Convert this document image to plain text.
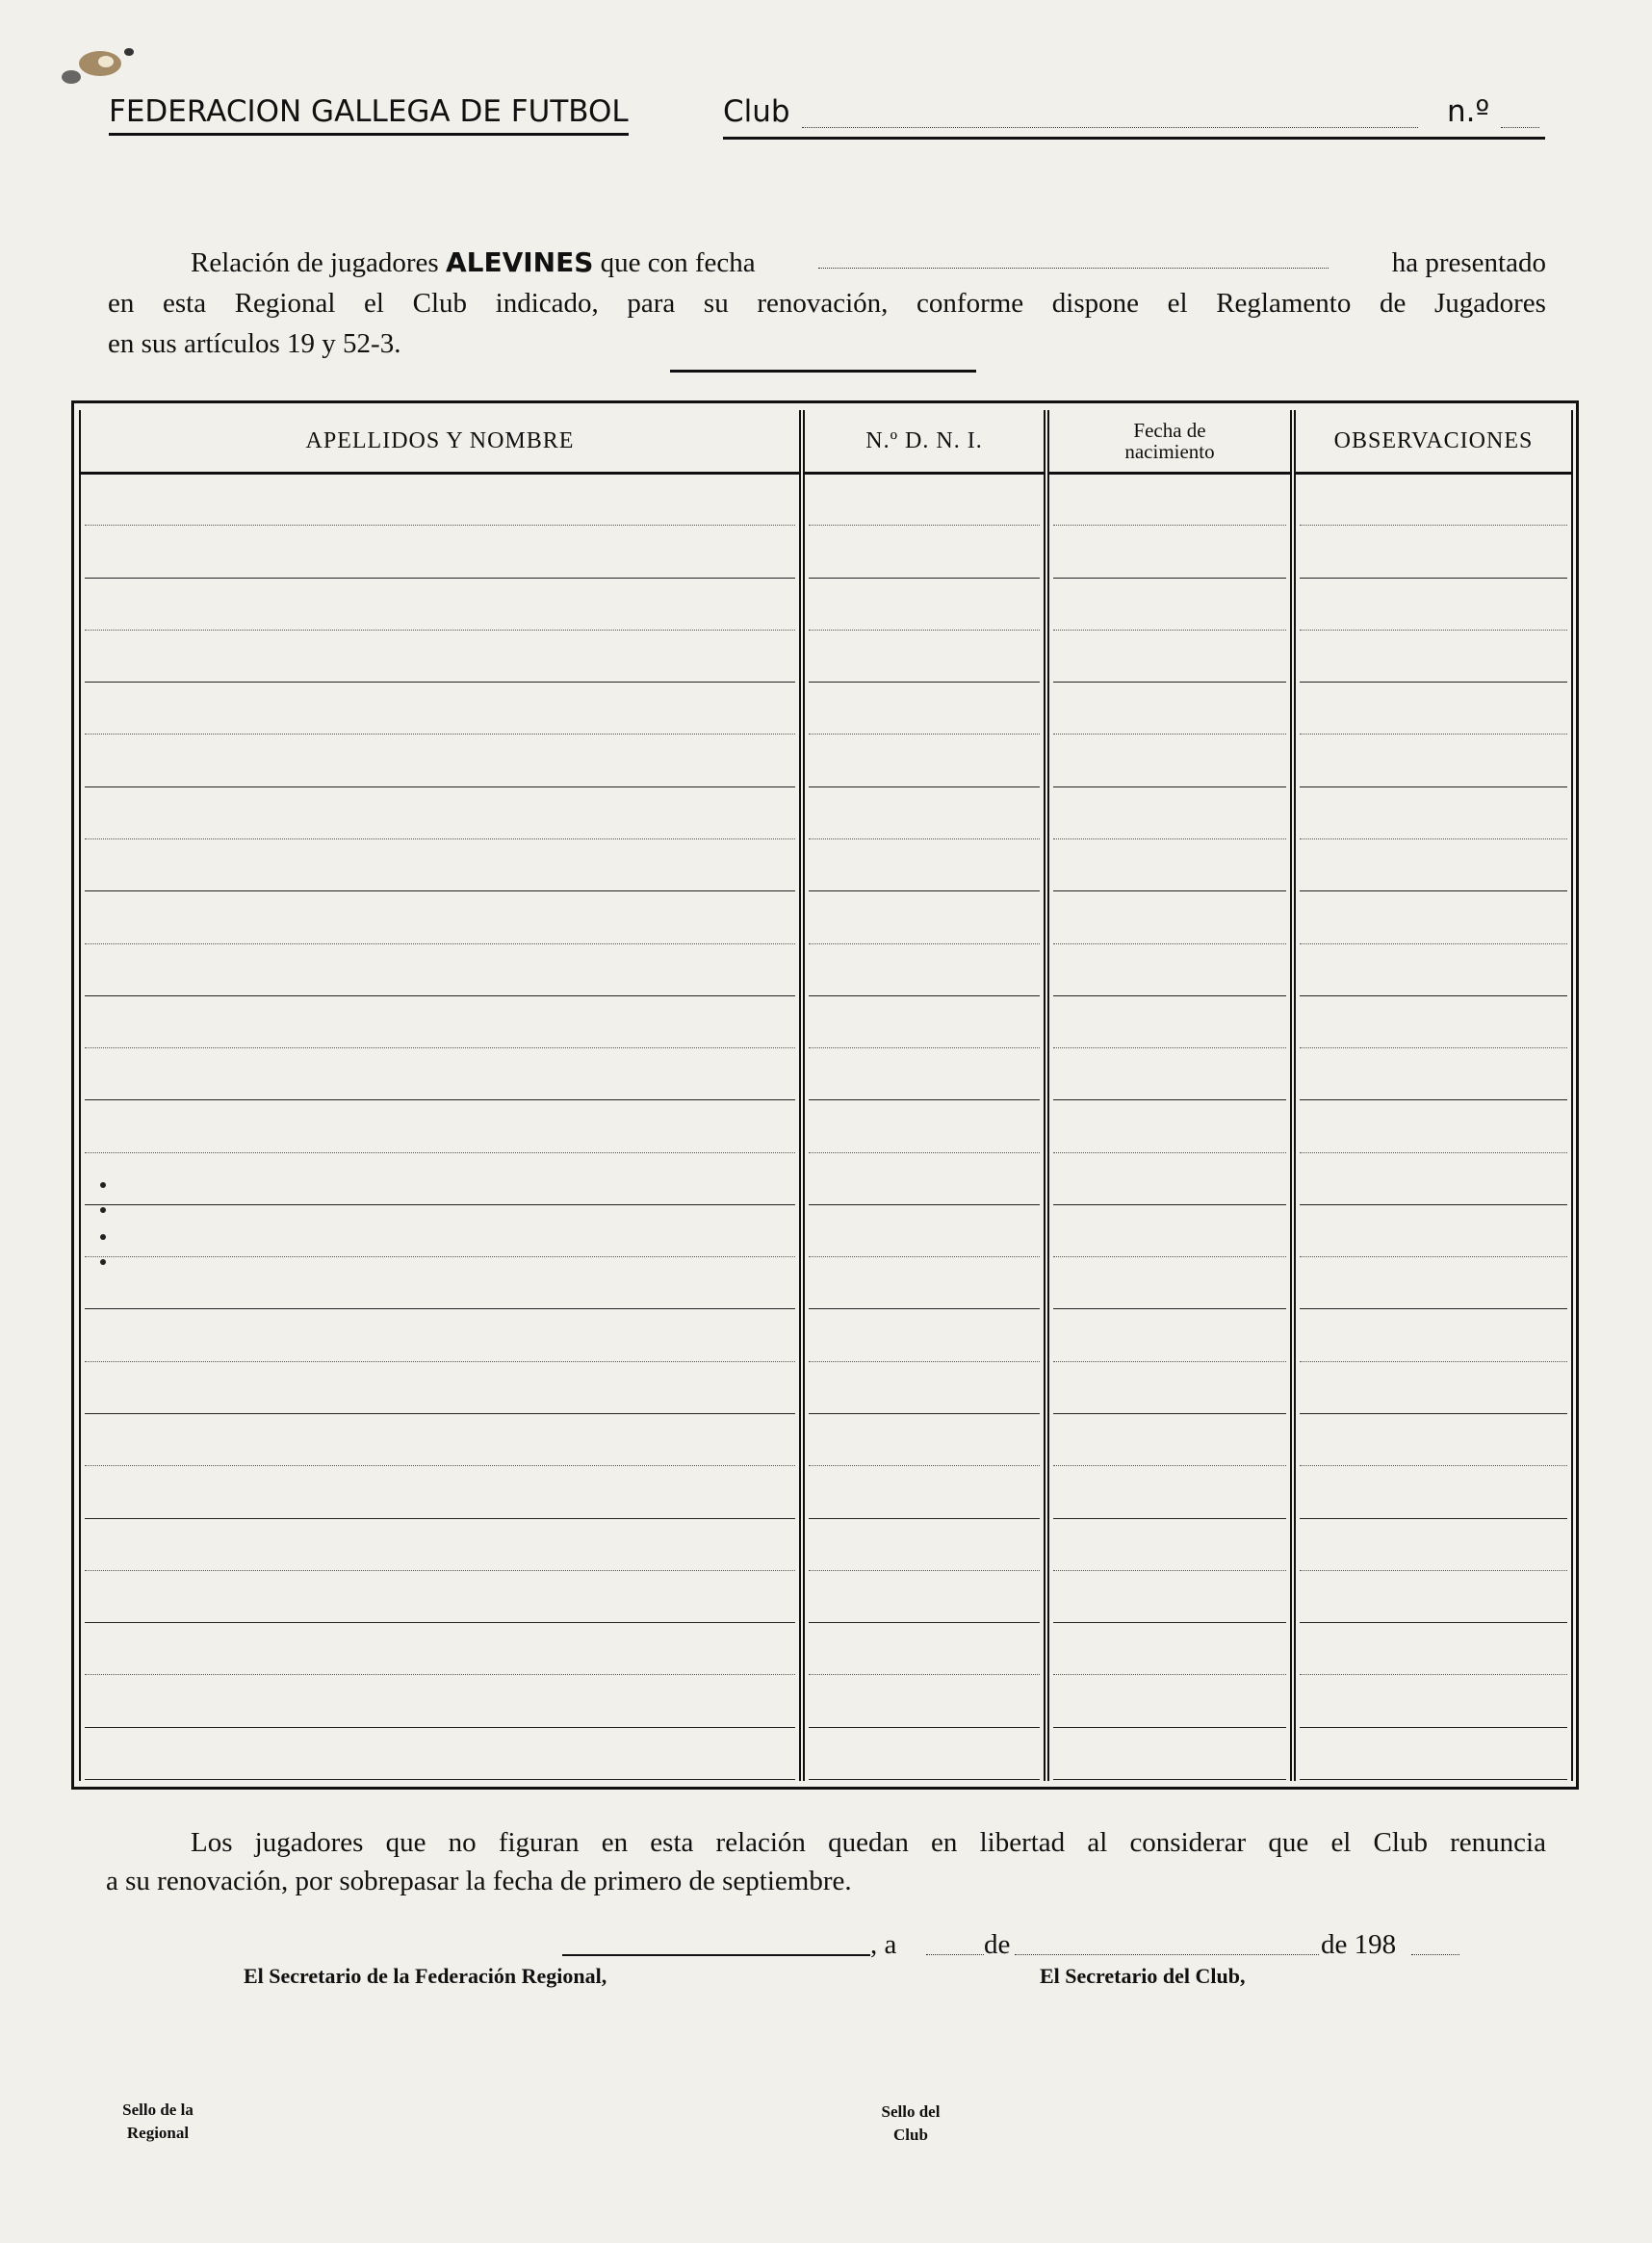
FEDERACION GALLEGA DE FUTBOL	Club	n.º
Relación de jugadores ALEVINES que con fecha	ha presentado
en esta Regional el Club indicado, para su renovación, conforme dispone el Reglamento de Jugadores
en sus artículos 19 y 52-3.
APELLIDOS Y NOMBRE	N.º D. N. I.	Fecha de nacimiento	OBSERVACIONES
Los jugadores que no figuran en esta relación quedan en libertad al considerar que el Club renuncia
a su renovación, por sobrepasar la fecha de primero de septiembre.
, a	de	de 198
El Secretario de la Federación Regional,	El Secretario del Club,
Sello de la
Regional
Sello del
Club
